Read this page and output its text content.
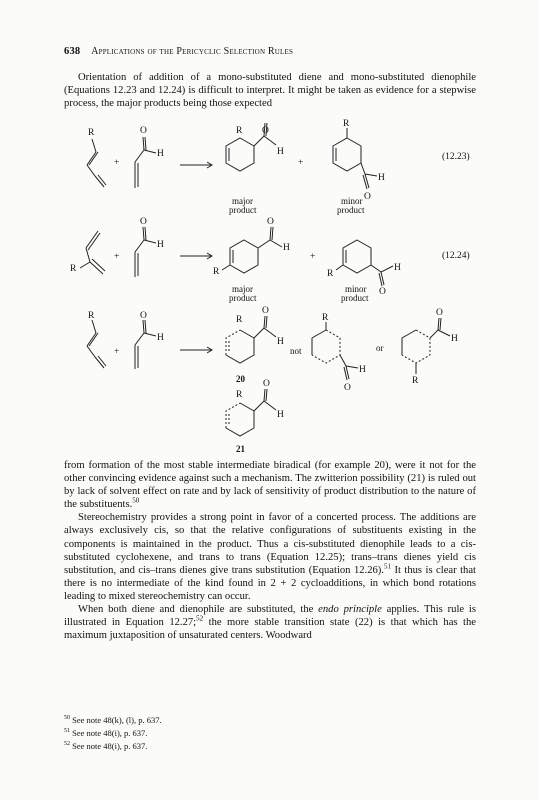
638 Applications of the Pericyclic Selection Rules

Orientation of addition of a mono-substituted diene and mono-substituted dienophile (Equations 12.23 and 12.24) is difficult to interpret. It might be taken as evidence for a stepwise process, the major products being those expected

R
+
O
H
R O
H
+
R
H
O
major
product
minor
product
(12.23)
R
+
O
H
R
O
H
+
R
H
O
major
product
minor
product
(12.24)
R
+
O
H
R
O
H
20
not
R
H
O
or
R
O
H
R
O
H
21

from formation of the most stable intermediate biradical (for example 20), were it not for the other convincing evidence against such a mechanism. The zwitterion possibility (21) is ruled out by lack of solvent effect on rate and by lack of sensitivity of product distribution to the nature of the substituents.$^{50}$

Stereochemistry provides a strong point in favor of a concerted process. The additions are always exclusively cis, so that the relative configurations of substituents existing in the components is maintained in the product. Thus a cis-substituted dienophile leads to a cis-substituted cyclohexene, and trans to trans (Equation 12.25); trans–trans dienes yield cis substitution, and cis–trans dienes give trans substitution (Equation 12.26).$^{51}$ It thus is clear that there is no intermediate of the kind found in 2 + 2 cycloadditions, in which bond rotations leading to mixed stereochemistry can occur.

When both diene and dienophile are substituted, the endo principle applies. This rule is illustrated in Equation 12.27;$^{52}$ the more stable transition state (22) is that which has the maximum juxtaposition of unsaturated centers. Woodward

$^{50}$ See note 48(k), (l), p. 637.
$^{51}$ See note 48(i), p. 637.
$^{52}$ See note 48(i), p. 637.
